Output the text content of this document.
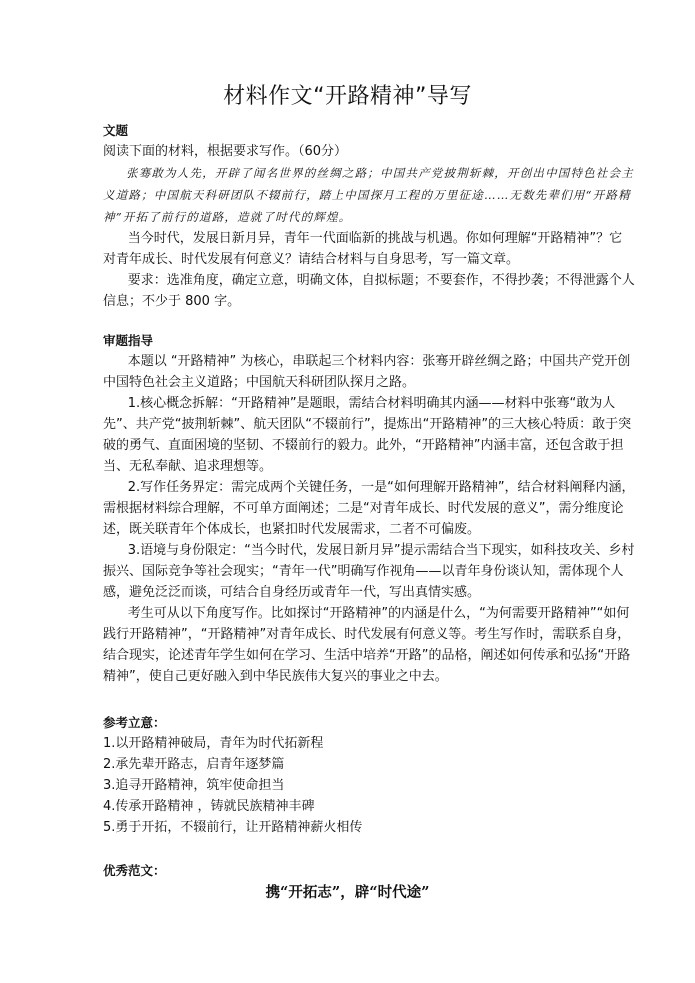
材料作文“开路精神”导写

文题

阅读下面的材料，根据要求写作。（60分）

张骞敢为人先，开辟了闻名世界的丝绸之路；中国共产党披荆斩棘，开创出中国特色社会主义道路；中国航天科研团队不辍前行，踏上中国探月工程的万里征途……无数先辈们用“开路精神”开拓了前行的道路，造就了时代的辉煌。

当今时代，发展日新月异，青年一代面临新的挑战与机遇。你如何理解“开路精神”？它对青年成长、时代发展有何意义？请结合材料与自身思考，写一篇文章。

要求：选准角度，确定立意，明确文体，自拟标题；不要套作，不得抄袭；不得泄露个人信息；不少于 800 字。

审题指导

本题以 “开路精神” 为核心，串联起三个材料内容：张骞开辟丝绸之路；中国共产党开创中国特色社会主义道路；中国航天科研团队探月之路。

1.核心概念拆解：“开路精神”是题眼，需结合材料明确其内涵——材料中张骞“敢为人先”、共产党“披荆斩棘”、航天团队“不辍前行”，提炼出“开路精神”的三大核心特质：敢于突破的勇气、直面困境的坚韧、不辍前行的毅力。此外，“开路精神”内涵丰富，还包含敢于担当、无私奉献、追求理想等。

2.写作任务界定：需完成两个关键任务，一是“如何理解开路精神”，结合材料阐释内涵，需根据材料综合理解，不可单方面阐述；二是“对青年成长、时代发展的意义”，需分维度论述，既关联青年个体成长，也紧扣时代发展需求，二者不可偏废。

3.语境与身份限定：“当今时代，发展日新月异”提示需结合当下现实，如科技攻关、乡村振兴、国际竞争等社会现实；“青年一代”明确写作视角——以青年身份谈认知，需体现个人感，避免泛泛而谈，可结合自身经历或青年一代，写出真情实感。

考生可从以下角度写作。比如探讨“开路精神”的内涵是什么，“为何需要开路精神”“如何践行开路精神”，“开路精神”对青年成长、时代发展有何意义等。考生写作时，需联系自身，结合现实，论述青年学生如何在学习、生活中培养“开路”的品格，阐述如何传承和弘扬“开路精神”，使自己更好融入到中华民族伟大复兴的事业之中去。

参考立意：

1.以开路精神破局，青年为时代拓新程

2.承先辈开路志，启青年逐梦篇

3.追寻开路精神，筑牢使命担当

4.传承开路精神 ，铸就民族精神丰碑

5.勇于开拓，不辍前行，让开路精神薪火相传

优秀范文：

携“开拓志”，辟“时代途”
